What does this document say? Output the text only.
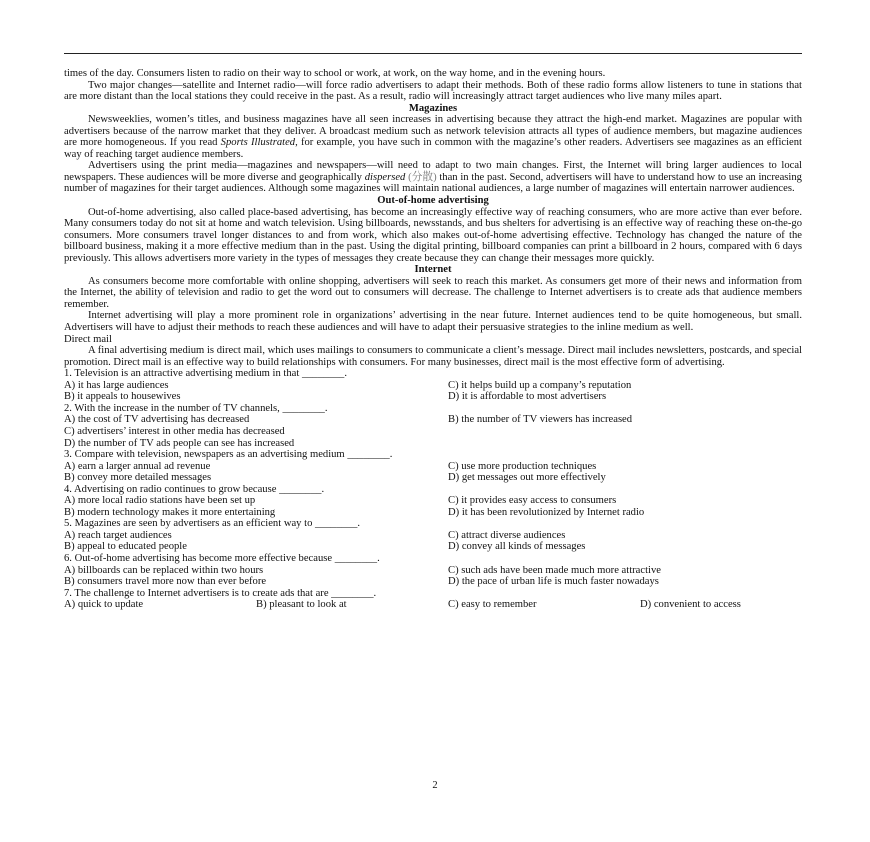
times of the day. Consumers listen to radio on their way to school or work, at work, on the way home, and in the evening hours.

Two major changes—satellite and Internet radio—will force radio advertisers to adapt their methods. Both of these radio forms allow listeners to tune in stations that are more distant than the local stations they could receive in the past. As a result, radio will increasingly attract target audiences who live many miles apart.

Magazines

Newsweeklies, women’s titles, and business magazines have all seen increases in advertising because they attract the high-end market. Magazines are popular with advertisers because of the narrow market that they deliver. A broadcast medium such as network television attracts all types of audience members, but magazine audiences are more homogeneous. If you read Sports Illustrated, for example, you have such in common with the magazine’s other readers. Advertisers see magazines as an efficient way of reaching target audience members.

Advertisers using the print media—magazines and newspapers—will need to adapt to two main changes. First, the Internet will bring larger audiences to local newspapers. These audiences will be more diverse and geographically dispersed (分散) than in the past. Second, advertisers will have to understand how to use an increasing number of magazines for their target audiences. Although some magazines will maintain national audiences, a large number of magazines will entertain narrower audiences.

Out-of-home advertising

Out-of-home advertising, also called place-based advertising, has become an increasingly effective way of reaching consumers, who are more active than ever before. Many consumers today do not sit at home and watch television. Using billboards, newsstands, and bus shelters for advertising is an effective way of reaching these on-the-go consumers. More consumers travel longer distances to and from work, which also makes out-of-home advertising effective. Technology has changed the nature of the billboard business, making it a more effective medium than in the past. Using the digital printing, billboard companies can print a billboard in 2 hours, compared with 6 days previously. This allows advertisers more variety in the types of messages they create because they can change their messages more quickly.

Internet

As consumers become more comfortable with online shopping, advertisers will seek to reach this market. As consumers get more of their news and information from the Internet, the ability of television and radio to get the word out to consumers will decrease. The challenge to Internet advertisers is to create ads that audience members remember.

Internet advertising will play a more prominent role in organizations’ advertising in the near future. Internet audiences tend to be quite homogeneous, but small. Advertisers will have to adjust their methods to reach these audiences and will have to adapt their persuasive strategies to the inline medium as well.

Direct mail

A final advertising medium is direct mail, which uses mailings to consumers to communicate a client’s message. Direct mail includes newsletters, postcards, and special promotion. Direct mail is an effective way to build relationships with consumers. For many businesses, direct mail is the most effective form of advertising.

1. Television is an attractive advertising medium in that ________.

A) it has large audiences	C) it helps build up a company’s reputation
B) it appeals to housewives	D) it is affordable to most advertisers

2. With the increase in the number of TV channels, ________.

A) the cost of TV advertising has decreased	B) the number of TV viewers has increased
C) advertisers’ interest in other media has decreased
D) the number of TV ads people can see has increased

3. Compare with television, newspapers as an advertising medium ________.

A) earn a larger annual ad revenue	C) use more production techniques
B) convey more detailed messages	D) get messages out more effectively

4. Advertising on radio continues to grow because ________.

A) more local radio stations have been set up	C) it provides easy access to consumers
B) modern technology makes it more entertaining	D) it has been revolutionized by Internet radio

5. Magazines are seen by advertisers as an efficient way to ________.

A) reach target audiences	C) attract diverse audiences
B) appeal to educated people	D) convey all kinds of messages

6. Out-of-home advertising has become more effective because ________.

A) billboards can be replaced within two hours	C) such ads have been made much more attractive
B) consumers travel more now than ever before	D) the pace of urban life is much faster nowadays

7. The challenge to Internet advertisers is to create ads that are ________.

A) quick to update	B) pleasant to look at	C) easy to remember	D) convenient to access
2
